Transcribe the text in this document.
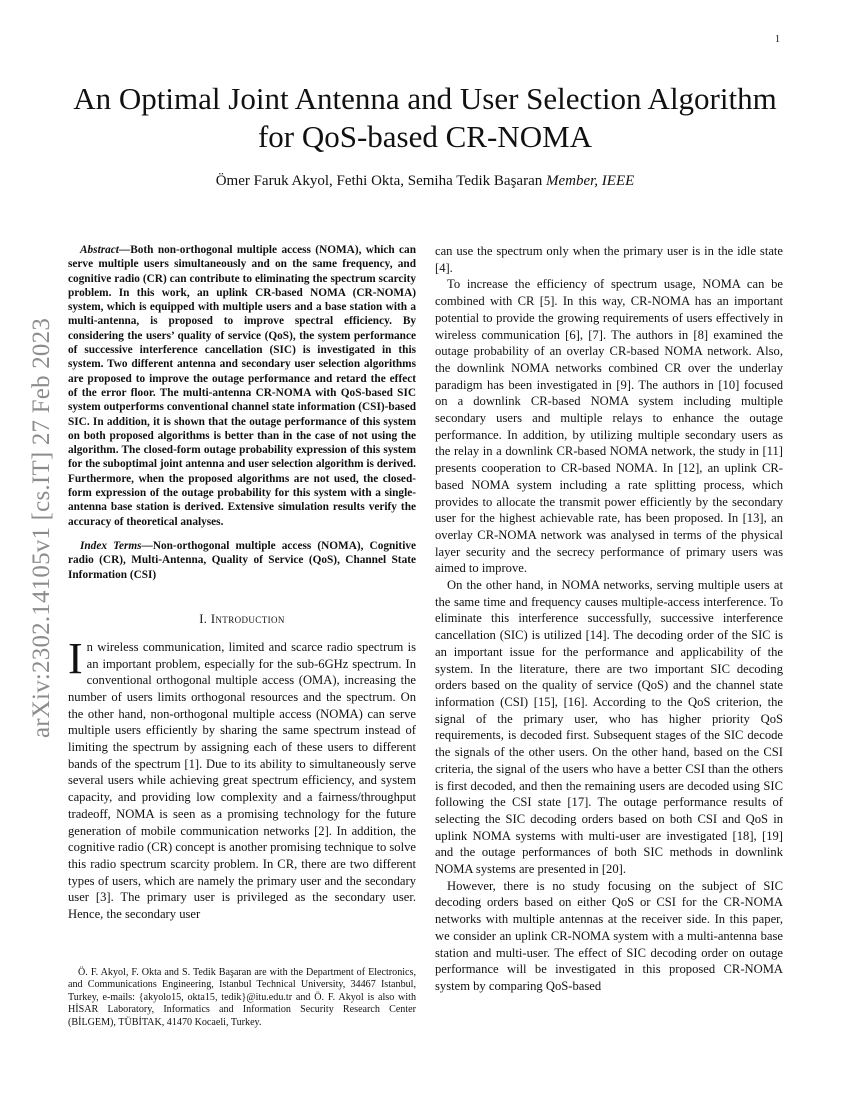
1
arXiv:2302.14105v1 [cs.IT] 27 Feb 2023
An Optimal Joint Antenna and User Selection Algorithm for QoS-based CR-NOMA
Ömer Faruk Akyol, Fethi Okta, Semiha Tedik Başaran Member, IEEE

Abstract—Both non-orthogonal multiple access (NOMA), which can serve multiple users simultaneously and on the same frequency, and cognitive radio (CR) can contribute to eliminating the spectrum scarcity problem. In this work, an uplink CR-based NOMA (CR-NOMA) system, which is equipped with multiple users and a base station with a multi-antenna, is proposed to improve spectral efficiency. By considering the users’ quality of service (QoS), the system performance of successive interference cancellation (SIC) is investigated in this system. Two different antenna and secondary user selection algorithms are proposed to improve the outage performance and retard the effect of the error floor. The multi-antenna CR-NOMA with QoS-based SIC system outperforms conventional channel state information (CSI)-based SIC. In addition, it is shown that the outage performance of this system on both proposed algorithms is better than in the case of not using the algorithm. The closed-form outage probability expression of this system for the suboptimal joint antenna and user selection algorithm is derived. Furthermore, when the proposed algorithms are not used, the closed-form expression of the outage probability for this system with a single-antenna base station is derived. Extensive simulation results verify the accuracy of theoretical analyses.

Index Terms—Non-orthogonal multiple access (NOMA), Cognitive radio (CR), Multi-Antenna, Quality of Service (QoS), Channel State Information (CSI)

I. Introduction

In wireless communication, limited and scarce radio spectrum is an important problem, especially for the sub-6GHz spectrum. In conventional orthogonal multiple access (OMA), increasing the number of users limits orthogonal resources and the spectrum. On the other hand, non-orthogonal multiple access (NOMA) can serve multiple users efficiently by sharing the same spectrum instead of limiting the spectrum by assigning each of these users to different bands of the spectrum [1]. Due to its ability to simultaneously serve several users while achieving great spectrum efficiency, and system capacity, and providing low complexity and a fairness/throughput tradeoff, NOMA is seen as a promising technology for the future generation of mobile communication networks [2]. In addition, the cognitive radio (CR) concept is another promising technique to solve this radio spectrum scarcity problem. In CR, there are two different types of users, which are namely the primary user and the secondary user [3]. The primary user is privileged as the secondary user. Hence, the secondary user

can use the spectrum only when the primary user is in the idle state [4].

To increase the efficiency of spectrum usage, NOMA can be combined with CR [5]. In this way, CR-NOMA has an important potential to provide the growing requirements of users effectively in wireless communication [6], [7]. The authors in [8] examined the outage probability of an overlay CR-based NOMA network. Also, the downlink NOMA networks combined CR over the underlay paradigm has been investigated in [9]. The authors in [10] focused on a downlink CR-based NOMA system including multiple secondary users and multiple relays to enhance the outage performance. In addition, by utilizing multiple secondary users as the relay in a downlink CR-based NOMA network, the study in [11] presents cooperation to CR-based NOMA. In [12], an uplink CR-based NOMA system including a rate splitting process, which provides to allocate the transmit power efficiently by the secondary user for the highest achievable rate, has been proposed. In [13], an overlay CR-NOMA network was analysed in terms of the physical layer security and the secrecy performance of primary users was aimed to improve.

On the other hand, in NOMA networks, serving multiple users at the same time and frequency causes multiple-access interference. To eliminate this interference successfully, successive interference cancellation (SIC) is utilized [14]. The decoding order of the SIC is an important issue for the performance and applicability of the system. In the literature, there are two important SIC decoding orders based on the quality of service (QoS) and the channel state information (CSI) [15], [16]. According to the QoS criterion, the signal of the primary user, who has higher priority QoS requirements, is decoded first. Subsequent stages of the SIC decode the signals of the other users. On the other hand, based on the CSI criteria, the signal of the users who have a better CSI than the others is first decoded, and then the remaining users are decoded using SIC following the CSI state [17]. The outage performance results of selecting the SIC decoding orders based on both CSI and QoS in uplink NOMA systems with multi-user are investigated [18], [19] and the outage performances of both SIC methods in downlink NOMA systems are presented in [20].

However, there is no study focusing on the subject of SIC decoding orders based on either QoS or CSI for the CR-NOMA networks with multiple antennas at the receiver side. In this paper, we consider an uplink CR-NOMA system with a multi-antenna base station and multi-user. The effect of SIC decoding order on outage performance will be investigated in this proposed CR-NOMA system by comparing QoS-based

Ö. F. Akyol, F. Okta and S. Tedik Başaran are with the Department of Electronics, and Communications Engineering, Istanbul Technical University, 34467 Istanbul, Turkey, e-mails: {akyolo15, okta15, tedik}@itu.edu.tr and Ö. F. Akyol is also with HİSAR Laboratory, Informatics and Information Security Research Center (BİLGEM), TÜBİTAK, 41470 Kocaeli, Turkey.
